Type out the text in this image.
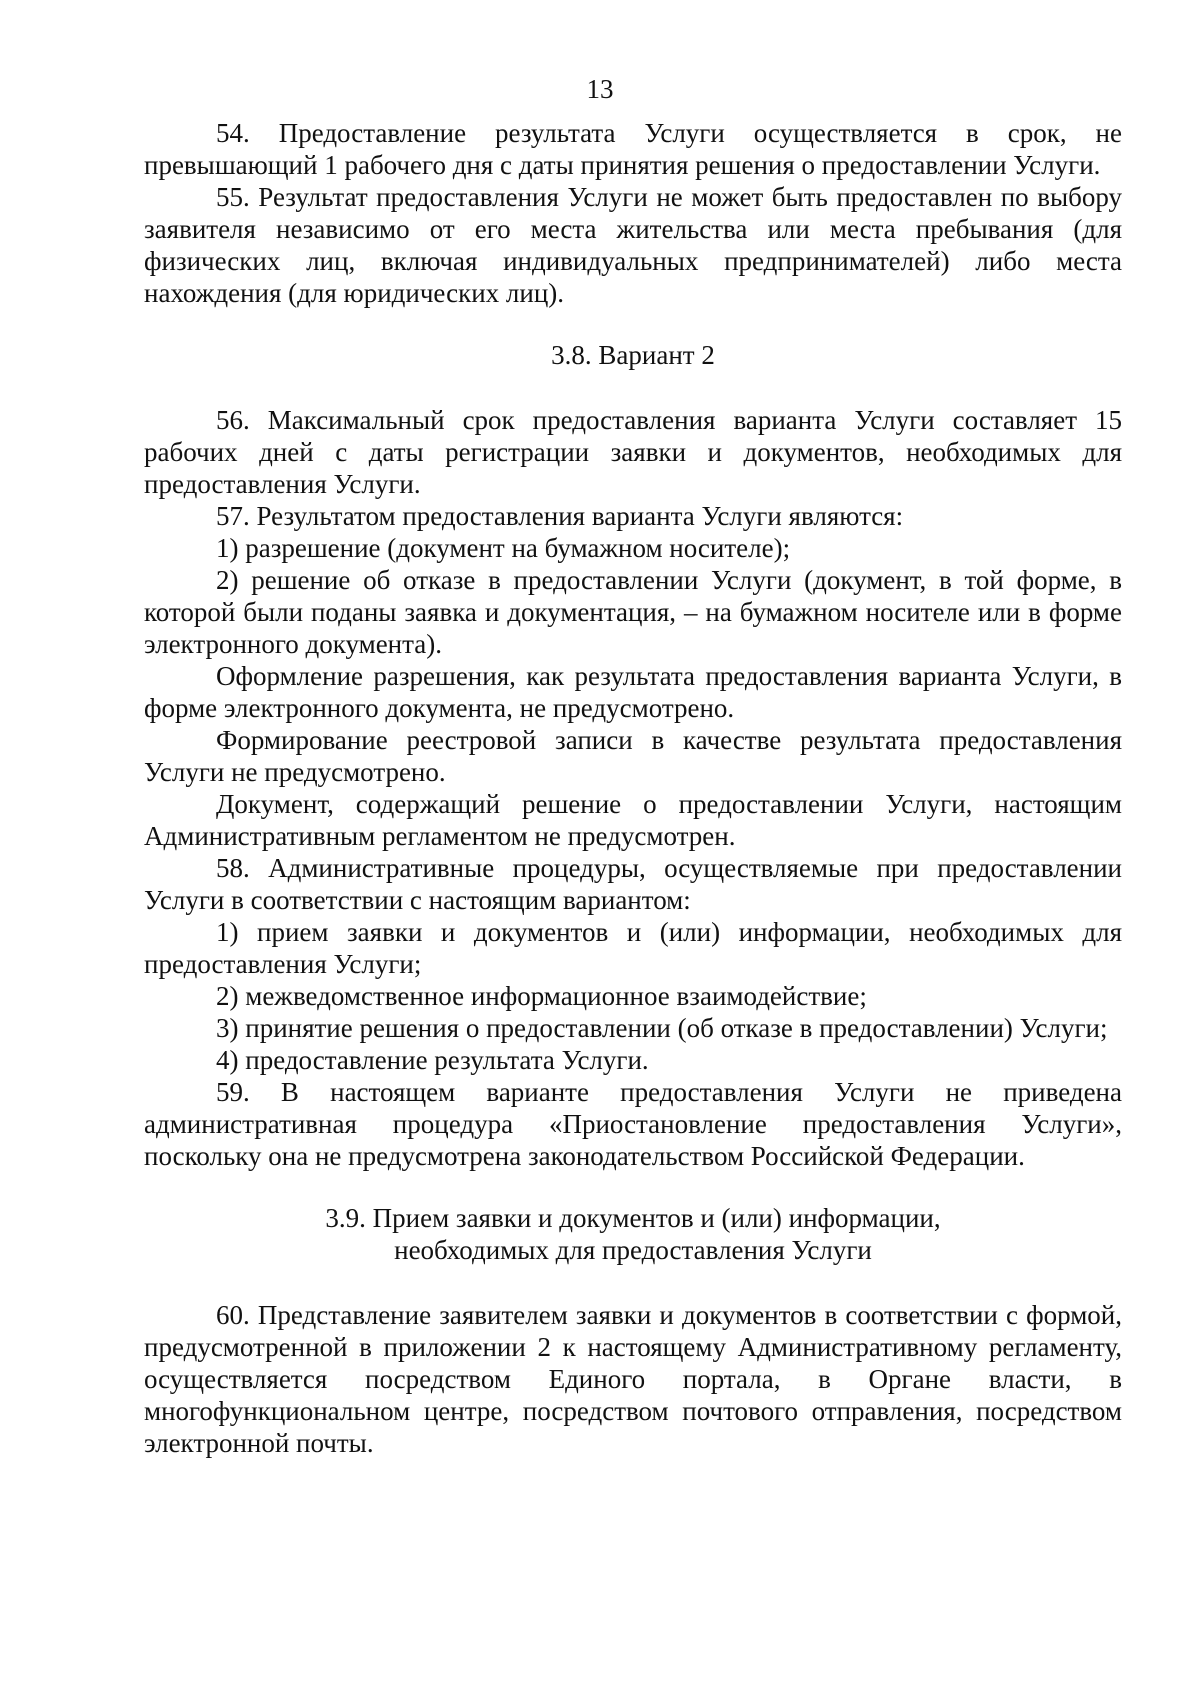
13

54. Предоставление результата Услуги осуществляется в срок, не превышающий 1 рабочего дня с даты принятия решения о предоставлении Услуги.

55. Результат предоставления Услуги не может быть предоставлен по выбору заявителя независимо от его места жительства или места пребывания (для физических лиц, включая индивидуальных предпринимателей) либо места нахождения (для юридических лиц).

3.8. Вариант 2

56. Максимальный срок предоставления варианта Услуги составляет 15 рабочих дней с даты регистрации заявки и документов, необходимых для предоставления Услуги.

57. Результатом предоставления варианта Услуги являются:

1) разрешение (документ на бумажном носителе);

2) решение об отказе в предоставлении Услуги (документ, в той форме, в которой были поданы заявка и документация, – на бумажном носителе или в форме электронного документа).

Оформление разрешения, как результата предоставления варианта Услуги, в форме электронного документа, не предусмотрено.

Формирование реестровой записи в качестве результата предоставления Услуги не предусмотрено.

Документ, содержащий решение о предоставлении Услуги, настоящим Административным регламентом не предусмотрен.

58. Административные процедуры, осуществляемые при предоставлении Услуги в соответствии с настоящим вариантом:

1) прием заявки и документов и (или) информации, необходимых для предоставления Услуги;

2) межведомственное информационное взаимодействие;

3) принятие решения о предоставлении (об отказе в предоставлении) Услуги;

4) предоставление результата Услуги.

59. В настоящем варианте предоставления Услуги не приведена административная процедура «Приостановление предоставления Услуги», поскольку она не предусмотрена законодательством Российской Федерации.

3.9. Прием заявки и документов и (или) информации,

необходимых для предоставления Услуги

60. Представление заявителем заявки и документов в соответствии с формой, предусмотренной в приложении 2 к настоящему Административному регламенту, осуществляется посредством Единого портала, в Органе власти, в многофункциональном центре, посредством почтового отправления, посредством электронной почты.
